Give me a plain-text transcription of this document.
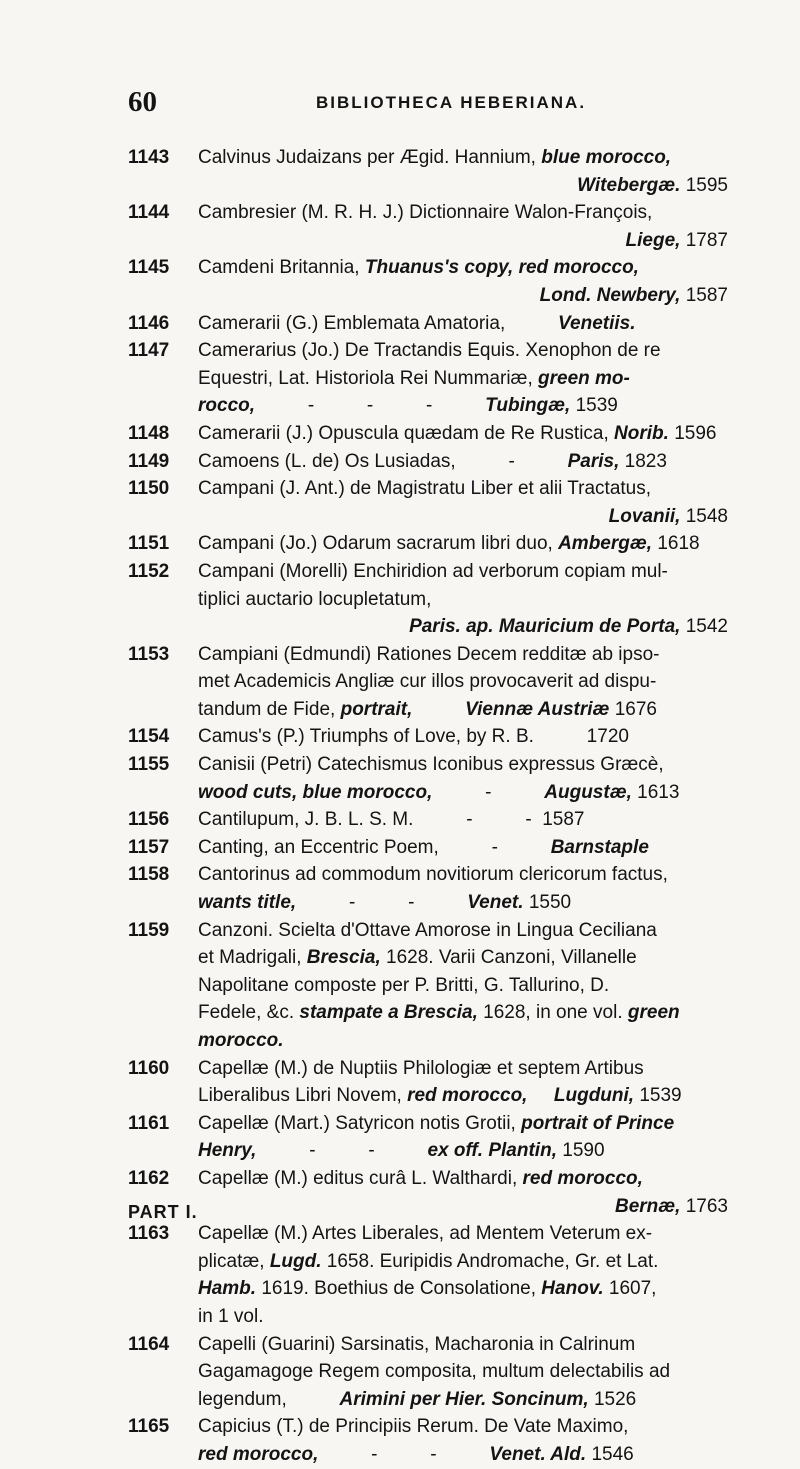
60	BIBLIOTHECA HEBERIANA.
1143	Calvinus Judaizans per Ægid. Hannium, blue morocco,
Witebergæ. 1595
1144	Cambresier (M. R. H. J.) Dictionnaire Walon-François,
Liege, 1787
1145	Camdeni Britannia, Thuanus's copy, red morocco,
Lond. Newbery, 1587
1146	Camerarii (G.) Emblemata Amatoria,          Venetiis.
1147	Camerarius (Jo.) De Tractandis Equis. Xenophon de re
Equestri, Lat. Historiola Rei Nummariæ, green mo-
rocco,          -          -          -          Tubingæ, 1539
1148	Camerarii (J.) Opuscula quædam de Re Rustica, Norib. 1596
1149	Camoens (L. de) Os Lusiadas,          -          Paris, 1823
1150	Campani (J. Ant.) de Magistratu Liber et alii Tractatus,
Lovanii, 1548
1151	Campani (Jo.) Odarum sacrarum libri duo, Ambergæ, 1618
1152	Campani (Morelli) Enchiridion ad verborum copiam mul-
tiplici auctario locupletatum,
Paris. ap. Mauricium de Porta, 1542
1153	Campiani (Edmundi) Rationes Decem redditæ ab ipso-
met Academicis Angliæ cur illos provocaverit ad dispu-
tandum de Fide, portrait,	Viennæ Austriæ 1676
1154	Camus's (P.) Triumphs of Love, by R. B.          1720
1155	Canisii (Petri) Catechismus Iconibus expressus Græcè,
wood cuts, blue morocco,          -          Augustæ, 1613
1156	Cantilupum, J. B. L. S. M.          -          -  1587
1157	Canting, an Eccentric Poem,          -          Barnstaple
1158	Cantorinus ad commodum novitiorum clericorum factus,
wants title,          -          -          Venet. 1550
1159	Canzoni. Scielta d'Ottave Amorose in Lingua Ceciliana
et Madrigali, Brescia, 1628. Varii Canzoni, Villanelle
Napolitane composte per P. Britti, G. Tallurino, D.
Fedele, &c. stampate a Brescia, 1628, in one vol. green
morocco.
1160	Capellæ (M.) de Nuptiis Philologiæ et septem Artibus
Liberalibus Libri Novem, red morocco, Lugduni, 1539
1161	Capellæ (Mart.) Satyricon notis Grotii, portrait of Prince
Henry,          -          -          ex off. Plantin, 1590
1162	Capellæ (M.) editus curâ L. Walthardi, red morocco,
Bernæ, 1763
1163	Capellæ (M.) Artes Liberales, ad Mentem Veterum ex-
plicatæ, Lugd. 1658. Euripidis Andromache, Gr. et Lat.
Hamb. 1619. Boethius de Consolatione, Hanov. 1607,
in 1 vol.
1164	Capelli (Guarini) Sarsinatis, Macharonia in Calrinum
Gagamagoge Regem composita, multum delectabilis ad
legendum,	Arimini per Hier. Soncinum, 1526
1165	Capicius (T.) de Principiis Rerum. De Vate Maximo,
red morocco,          -          -          Venet. Ald. 1546
PART I.
